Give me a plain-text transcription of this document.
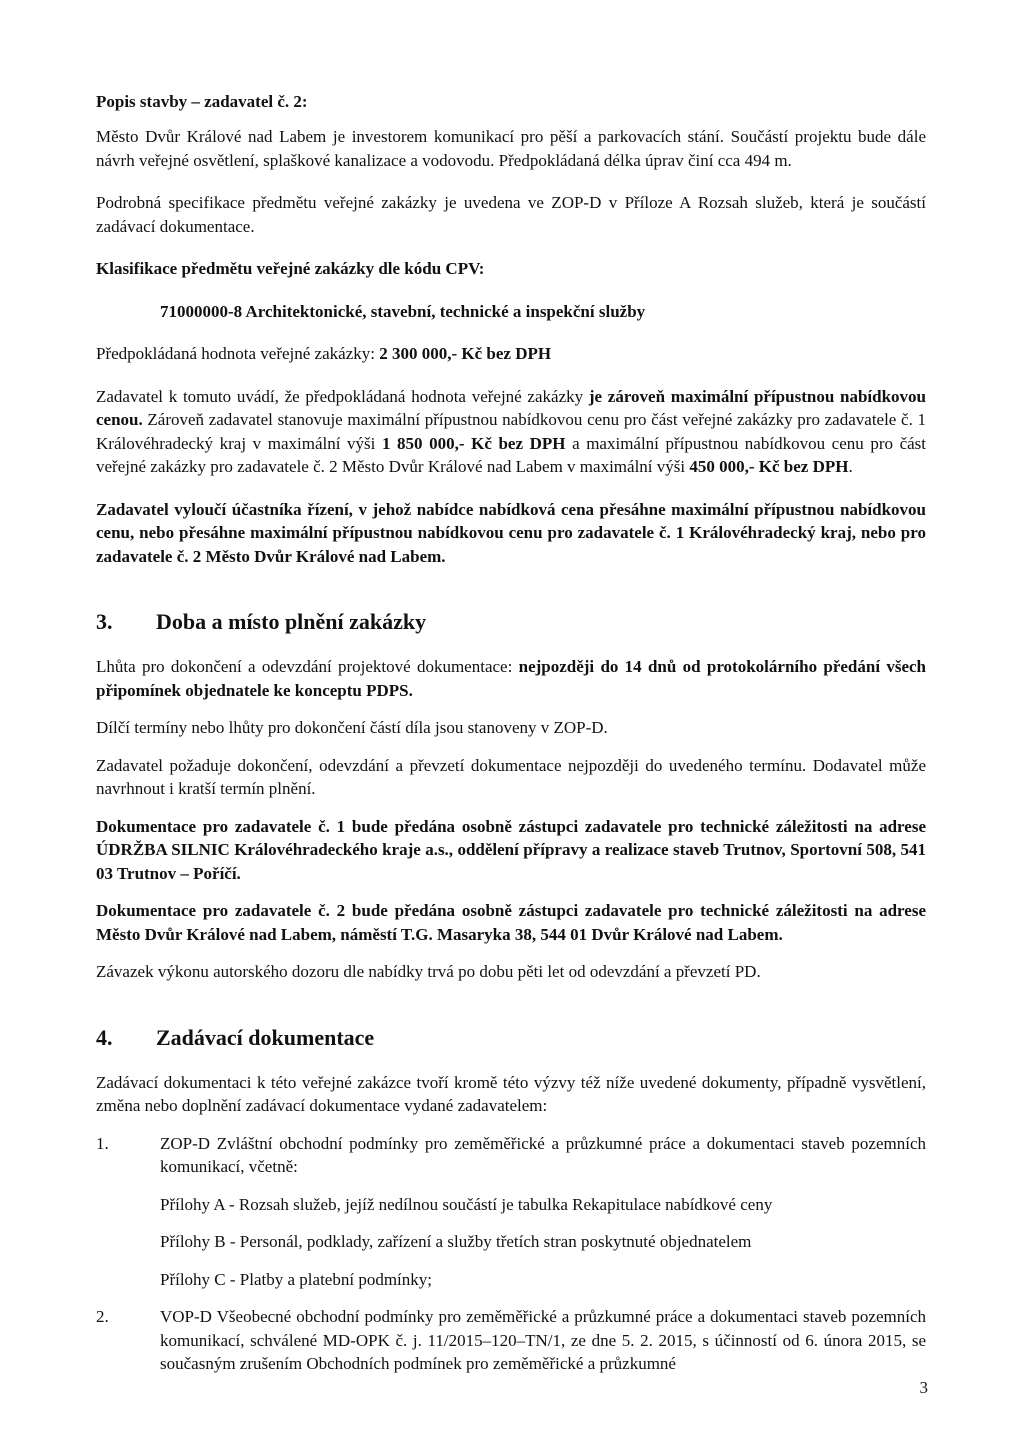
Popis stavby – zadavatel č. 2:

Město Dvůr Králové nad Labem je investorem komunikací pro pěší a parkovacích stání. Součástí projektu bude dále návrh veřejné osvětlení, splaškové kanalizace a vodovodu. Předpokládaná délka úprav činí cca 494 m.

Podrobná specifikace předmětu veřejné zakázky je uvedena ve ZOP-D v Příloze A Rozsah služeb, která je součástí zadávací dokumentace.

Klasifikace předmětu veřejné zakázky dle kódu CPV:

71000000-8 Architektonické, stavební, technické a inspekční služby

Předpokládaná hodnota veřejné zakázky: 2 300 000,- Kč bez DPH

Zadavatel k tomuto uvádí, že předpokládaná hodnota veřejné zakázky je zároveň maximální přípustnou nabídkovou cenou. Zároveň zadavatel stanovuje maximální přípustnou nabídkovou cenu pro část veřejné zakázky pro zadavatele č. 1 Královéhradecký kraj v maximální výši 1 850 000,- Kč bez DPH a maximální přípustnou nabídkovou cenu pro část veřejné zakázky pro zadavatele č. 2 Město Dvůr Králové nad Labem v maximální výši 450 000,- Kč bez DPH.

Zadavatel vyloučí účastníka řízení, v jehož nabídce nabídková cena přesáhne maximální přípustnou nabídkovou cenu, nebo přesáhne maximální přípustnou nabídkovou cenu pro zadavatele č. 1 Královéhradecký kraj, nebo pro zadavatele č. 2 Město Dvůr Králové nad Labem.

3.	Doba a místo plnění zakázky

Lhůta pro dokončení a odevzdání projektové dokumentace: nejpozději do 14 dnů od protokolárního předání všech připomínek objednatele ke konceptu PDPS.

Dílčí termíny nebo lhůty pro dokončení částí díla jsou stanoveny v ZOP-D.

Zadavatel požaduje dokončení, odevzdání a převzetí dokumentace nejpozději do uvedeného termínu. Dodavatel může navrhnout i kratší termín plnění.

Dokumentace pro zadavatele č. 1 bude předána osobně zástupci zadavatele pro technické záležitosti na adrese ÚDRŽBA SILNIC Královéhradeckého kraje a.s., oddělení přípravy a realizace staveb Trutnov, Sportovní 508, 541 03 Trutnov – Poříčí.

Dokumentace pro zadavatele č. 2 bude předána osobně zástupci zadavatele pro technické záležitosti na adrese Město Dvůr Králové nad Labem, náměstí T.G. Masaryka 38, 544 01 Dvůr Králové nad Labem.

Závazek výkonu autorského dozoru dle nabídky trvá po dobu pěti let od odevzdání a převzetí PD.

4.	Zadávací dokumentace

Zadávací dokumentaci k této veřejné zakázce tvoří kromě této výzvy též níže uvedené dokumenty, případně vysvětlení, změna nebo doplnění zadávací dokumentace vydané zadavatelem:

1.	ZOP-D Zvláštní obchodní podmínky pro zeměměřické a průzkumné práce a dokumentaci staveb pozemních komunikací, včetně:

Přílohy A - Rozsah služeb, jejíž nedílnou součástí je tabulka Rekapitulace nabídkové ceny
Přílohy B - Personál, podklady, zařízení a služby třetích stran poskytnuté objednatelem
Přílohy C - Platby a platební podmínky;
2.	VOP-D Všeobecné obchodní podmínky pro zeměměřické a průzkumné práce a dokumentaci staveb pozemních komunikací, schválené MD-OPK č. j. 11/2015–120–TN/1, ze dne 5. 2. 2015, s účinností od 6. února 2015, se současným zrušením Obchodních podmínek pro zeměměřické a průzkumné

3
